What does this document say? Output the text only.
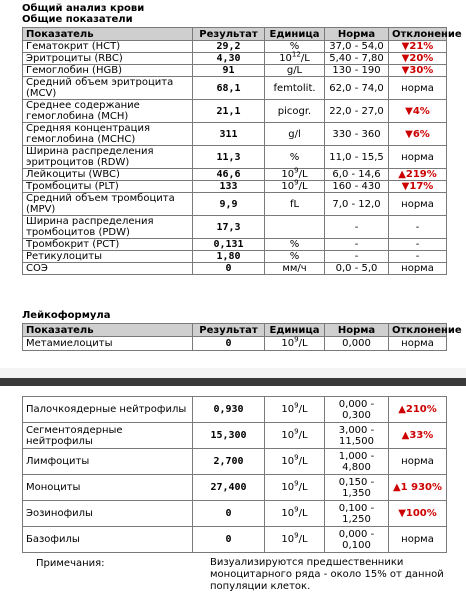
Общий анализ крови
Общие показатели
Показатель	Результат	Единица	Норма	Отклонение
Гематокрит (HCT)	29,2	%	37,0 - 54,0	▼21%
Эритроциты (RBC)	4,30	$10^{12}/L$	5,40 - 7,80	▼20%
Гемоглобин (HGB)	91	g/L	130 - 190	▼30%
Средний объем эритроцита (MCV)	68,1	femtolit.	62,0 - 74,0	норма
Среднее содержание гемоглобина (MCH)	21,1	picogr.	22,0 - 27,0	▼4%
Средняя концентрация гемоглобина (MCHC)	311	g/l	330 - 360	▼6%
Ширина распределения эритроцитов (RDW)	11,3	%	11,0 - 15,5	норма
Лейкоциты (WBC)	46,6	$10^9/L$	6,0 - 14,6	▲219%
Тромбоциты (PLT)	133	$10^9/L$	160 - 430	▼17%
Средний объем тромбоцита (MPV)	9,9	fL	7,0 - 12,0	норма
Ширина распределения тромбоцитов (PDW)	17,3		-	-
Тромбокрит (PCT)	0,131	%	-	-
Ретикулоциты	1,80	%	-	-
СОЭ	0	мм/ч	0,0 - 5,0	норма
Лейкоформула
Показатель	Результат	Единица	Норма	Отклонение
Метамиелоциты	0	$10^9/L$	0,000	норма
Палочкоядерные нейтрофилы	0,930	$10^9/L$	0,000 - 0,300	▲210%
Сегментоядерные нейтрофилы	15,300	$10^9/L$	3,000 - 11,500	▲33%
Лимфоциты	2,700	$10^9/L$	1,000 - 4,800	норма
Моноциты	27,400	$10^9/L$	0,150 - 1,350	▲1 930%
Эозинофилы	0	$10^9/L$	0,100 - 1,250	▼100%
Базофилы	0	$10^9/L$	0,000 - 0,100	норма
Примечания:	Визуализируются предшественники моноцитарного ряда - около 15% от данной популяции клеток.
